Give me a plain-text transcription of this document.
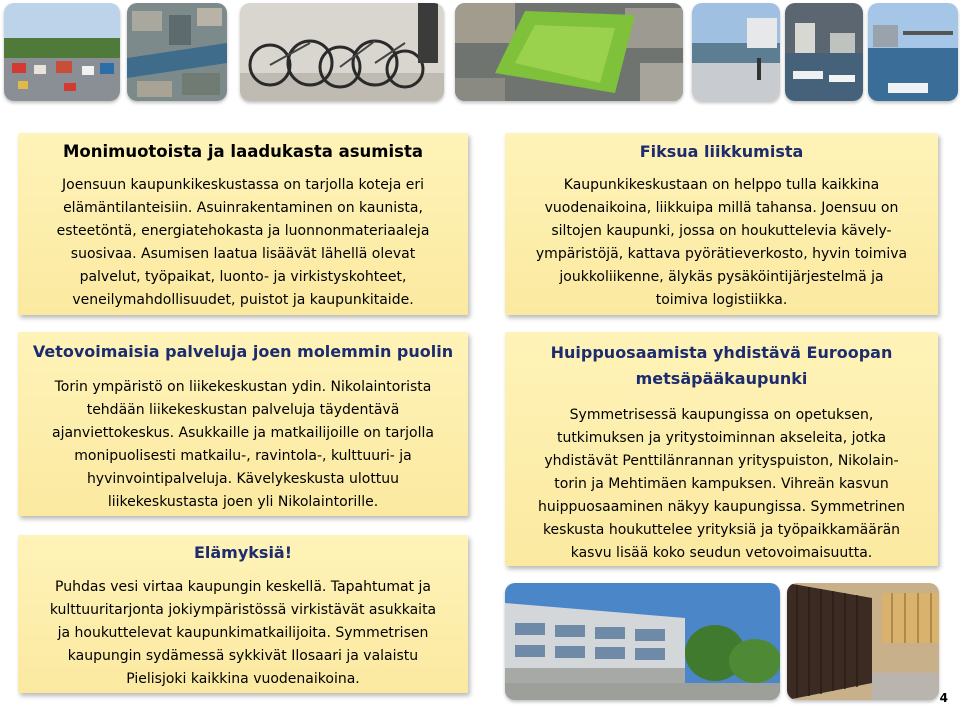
Monimuotoista ja laadukasta asumista

Joensuun kaupunkikeskustassa on tarjolla koteja eri
elämäntilanteisiin. Asuinrakentaminen on kaunista,
esteetöntä, energiatehokasta ja luonnonmateriaaleja
suosivaa. Asumisen laatua lisäävät lähellä olevat
palvelut, työpaikat, luonto- ja virkistyskohteet,
veneilymahdollisuudet, puistot ja kaupunkitaide.

Fiksua liikkumista

Kaupunkikeskustaan on helppo tulla kaikkina
vuodenaikoina, liikkuipa millä tahansa. Joensuu on
siltojen kaupunki, jossa on houkuttelevia kävely-
ympäristöjä, kattava pyörätieverkosto, hyvin toimiva
joukkoliikenne, älykäs pysäköintijärjestelmä ja
toimiva logistiikka.

Vetovoimaisia palveluja joen molemmin puolin

Torin ympäristö on liikekeskustan ydin. Nikolaintorista
tehdään liikekeskustan palveluja täydentävä
ajanviettokeskus. Asukkaille ja matkailijoille on tarjolla
monipuolisesti matkailu-, ravintola-, kulttuuri- ja
hyvinvointipalveluja. Kävelykeskusta ulottuu
liikekeskustasta joen yli Nikolaintorille.

Huippuosaamista yhdistävä Euroopan
metsäpääkaupunki

Symmetrisessä kaupungissa on opetuksen,
tutkimuksen ja yritystoiminnan akseleita, jotka
yhdistävät Penttilänrannan yrityspuiston, Nikolain-
torin ja Mehtimäen kampuksen. Vihreän kasvun
huippuosaaminen näkyy kaupungissa. Symmetrinen
keskusta houkuttelee yrityksiä ja työpaikkamäärän
kasvu lisää koko seudun vetovoimaisuutta.

Elämyksiä!

Puhdas vesi virtaa kaupungin keskellä. Tapahtumat ja
kulttuuritarjonta jokiympäristössä virkistävät asukkaita
ja houkuttelevat kaupunkimatkailijoita. Symmetrisen
kaupungin sydämessä sykkivät Ilosaari ja valaistu
Pielisjoki kaikkina vuodenaikoina.

4
